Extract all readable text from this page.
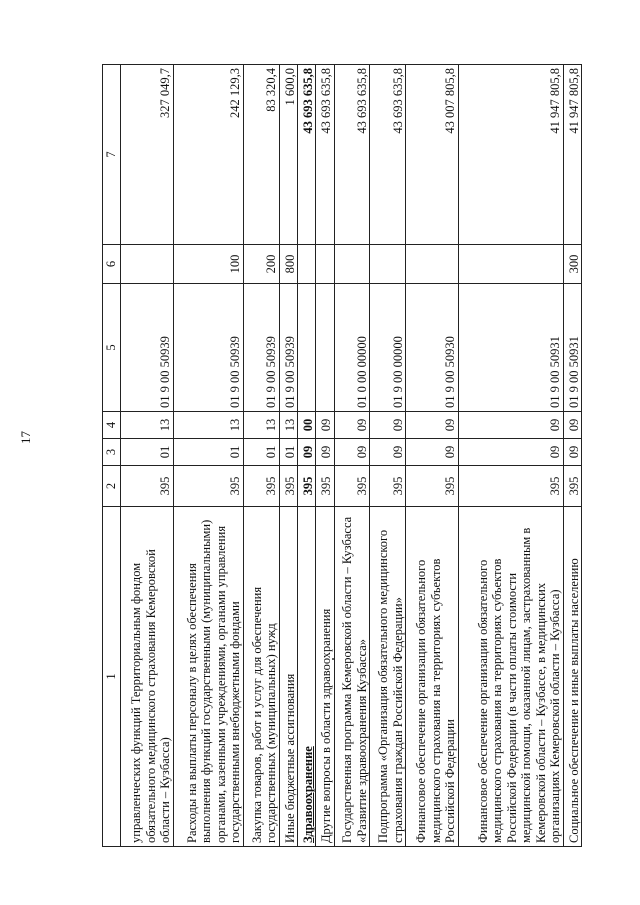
17
1	2	3	4	5	6	7
управленческих функций Территориальным фондом обязательного медицинского страхования Кемеровской области – Кузбасса)	395	01	13	01 9 00 50939		327 049,7
Расходы на выплаты персоналу в целях обеспечения выполнения функций государственными (муниципальными) органами, казенными учреждениями, органами управления государственными внебюджетными фондами	395	01	13	01 9 00 50939	100	242 129,3
Закупка товаров, работ и услуг для обеспечения государственных (муниципальных) нужд	395	01	13	01 9 00 50939	200	83 320,4
Иные бюджетные ассигнования	395	01	13	01 9 00 50939	800	1 600,0
Здравоохранение	395	09	00			43 693 635,8
Другие вопросы в области здравоохранения	395	09	09			43 693 635,8
Государственная программа Кемеровской области – Кузбасса «Развитие здравоохранения Кузбасса»	395	09	09	01 0 00 00000		43 693 635,8
Подпрограмма «Организация обязательного медицинского страхования граждан Российской Федерации»	395	09	09	01 9 00 00000		43 693 635,8
Финансовое обеспечение организации обязательного медицинского страхования на территориях субъектов Российской Федерации	395	09	09	01 9 00 50930		43 007 805,8
Финансовое обеспечение организации обязательного медицинского страхования на территориях субъектов Российской Федерации (в части оплаты стоимости медицинской помощи, оказанной лицам, застрахованным в Кемеровской области – Кузбассе, в медицинских организациях Кемеровской области – Кузбасса)	395	09	09	01 9 00 50931		41 947 805,8
Социальное обеспечение и иные выплаты населению	395	09	09	01 9 00 50931	300	41 947 805,8
